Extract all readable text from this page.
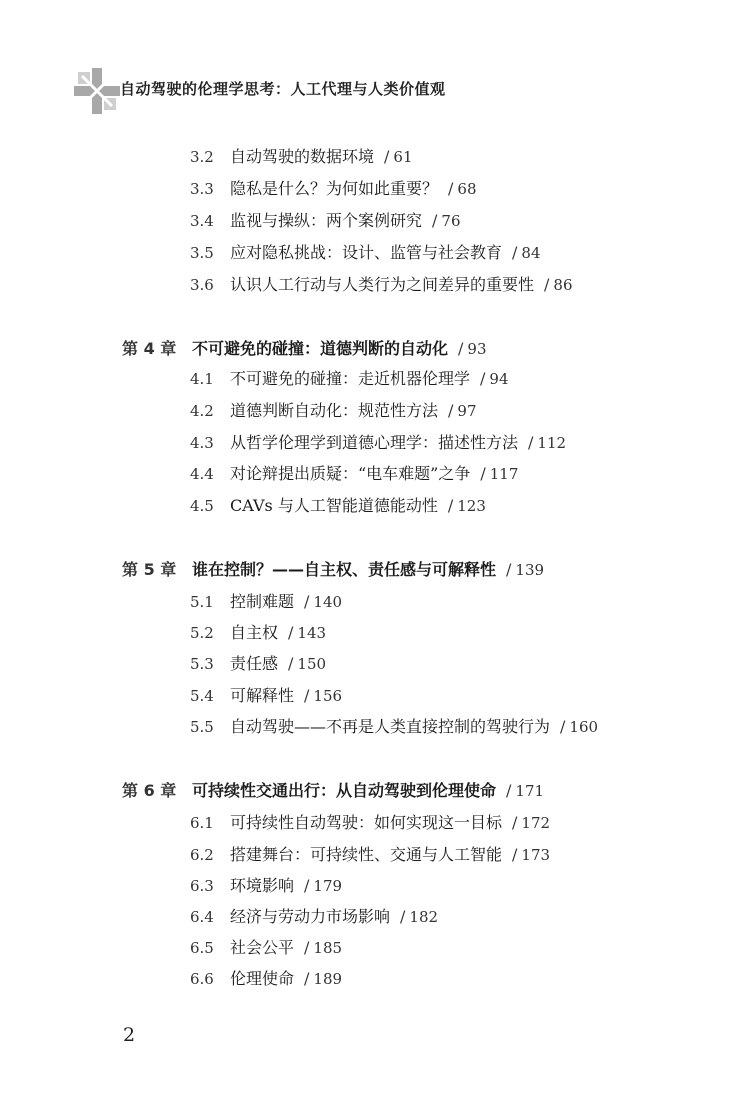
自动驾驶的伦理学思考：人工代理与人类价值观
3.2 自动驾驶的数据环境 / 61
3.3 隐私是什么？为何如此重要？ / 68
3.4 监视与操纵：两个案例研究 / 76
3.5 应对隐私挑战：设计、监管与社会教育 / 84
3.6 认识人工行动与人类行为之间差异的重要性 / 86
第 4 章 不可避免的碰撞：道德判断的自动化 / 93
4.1 不可避免的碰撞：走近机器伦理学 / 94
4.2 道德判断自动化：规范性方法 / 97
4.3 从哲学伦理学到道德心理学：描述性方法 / 112
4.4 对论辩提出质疑：“电车难题”之争 / 117
4.5 CAVs 与人工智能道德能动性 / 123
第 5 章 谁在控制？——自主权、责任感与可解释性 / 139
5.1 控制难题 / 140
5.2 自主权 / 143
5.3 责任感 / 150
5.4 可解释性 / 156
5.5 自动驾驶——不再是人类直接控制的驾驶行为 / 160
第 6 章 可持续性交通出行：从自动驾驶到伦理使命 / 171
6.1 可持续性自动驾驶：如何实现这一目标 / 172
6.2 搭建舞台：可持续性、交通与人工智能 / 173
6.3 环境影响 / 179
6.4 经济与劳动力市场影响 / 182
6.5 社会公平 / 185
6.6 伦理使命 / 189
2
